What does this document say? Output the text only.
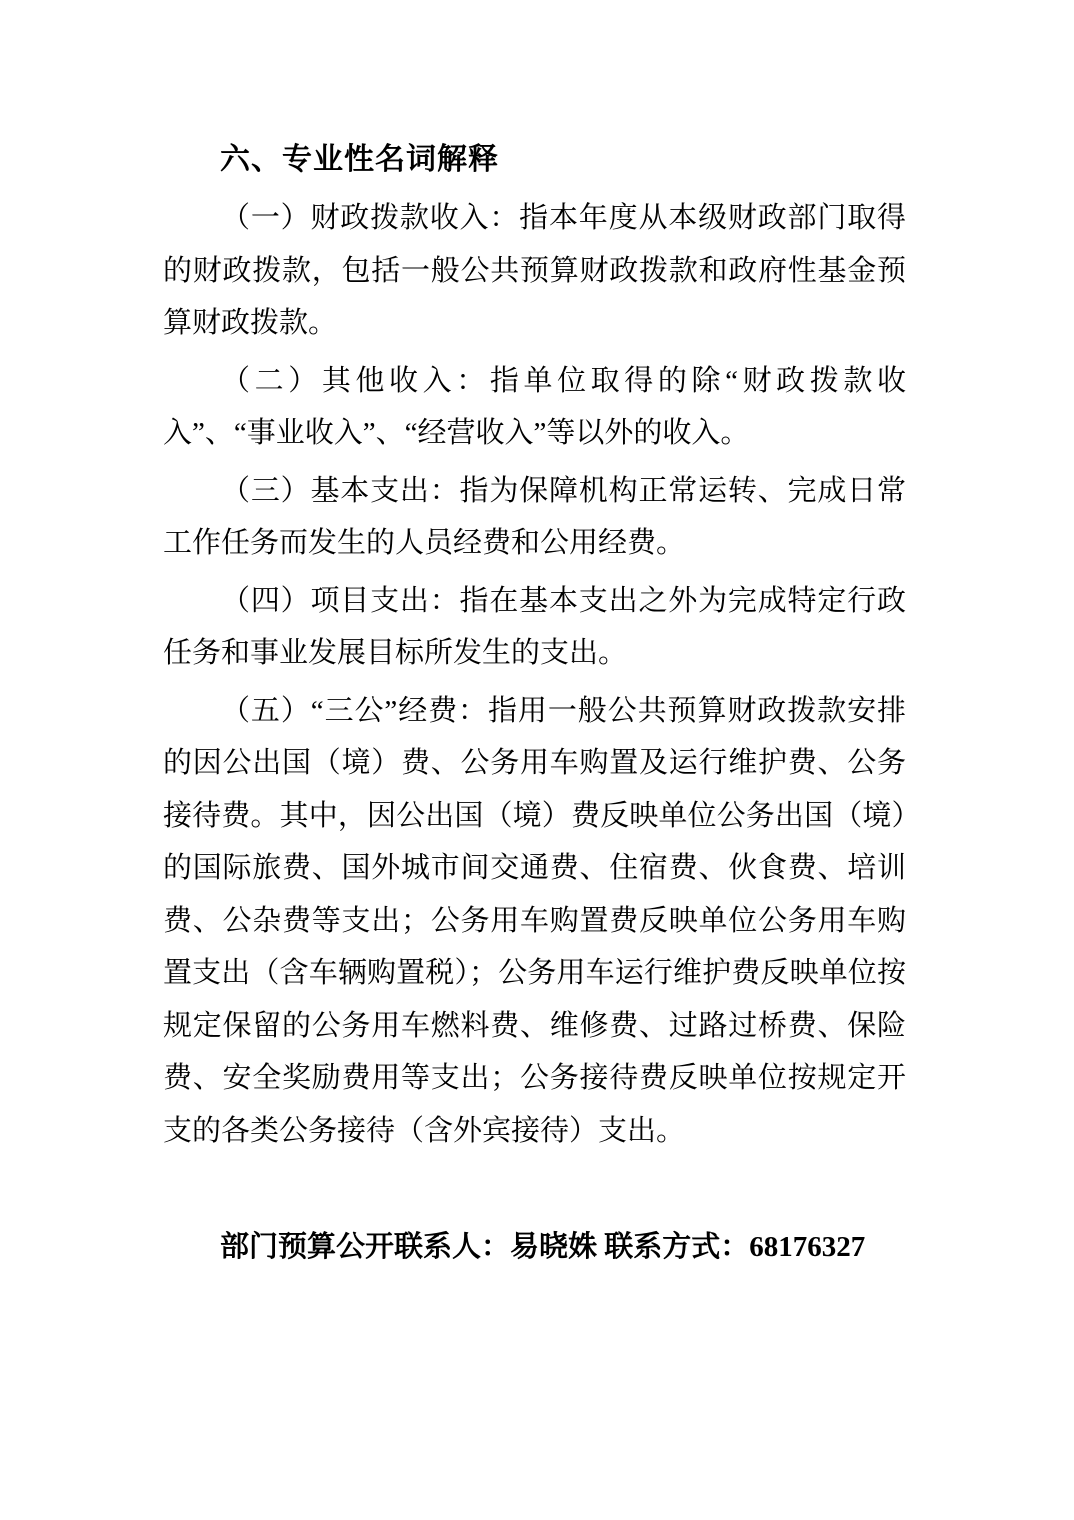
六、专业性名词解释

（一）财政拨款收入：指本年度从本级财政部门取得的财政拨款，包括一般公共预算财政拨款和政府性基金预算财政拨款。

（二）其他收入：指单位取得的除“财政拨款收入”、“事业收入”、“经营收入”等以外的收入。

（三）基本支出：指为保障机构正常运转、完成日常工作任务而发生的人员经费和公用经费。

（四）项目支出：指在基本支出之外为完成特定行政任务和事业发展目标所发生的支出。

（五）“三公”经费：指用一般公共预算财政拨款安排的因公出国（境）费、公务用车购置及运行维护费、公务接待费。其中，因公出国（境）费反映单位公务出国（境）的国际旅费、国外城市间交通费、住宿费、伙食费、培训费、公杂费等支出；公务用车购置费反映单位公务用车购置支出（含车辆购置税）；公务用车运行维护费反映单位按规定保留的公务用车燃料费、维修费、过路过桥费、保险费、安全奖励费用等支出；公务接待费反映单位按规定开支的各类公务接待（含外宾接待）支出。

部门预算公开联系人：易晓姝 联系方式：68176327
